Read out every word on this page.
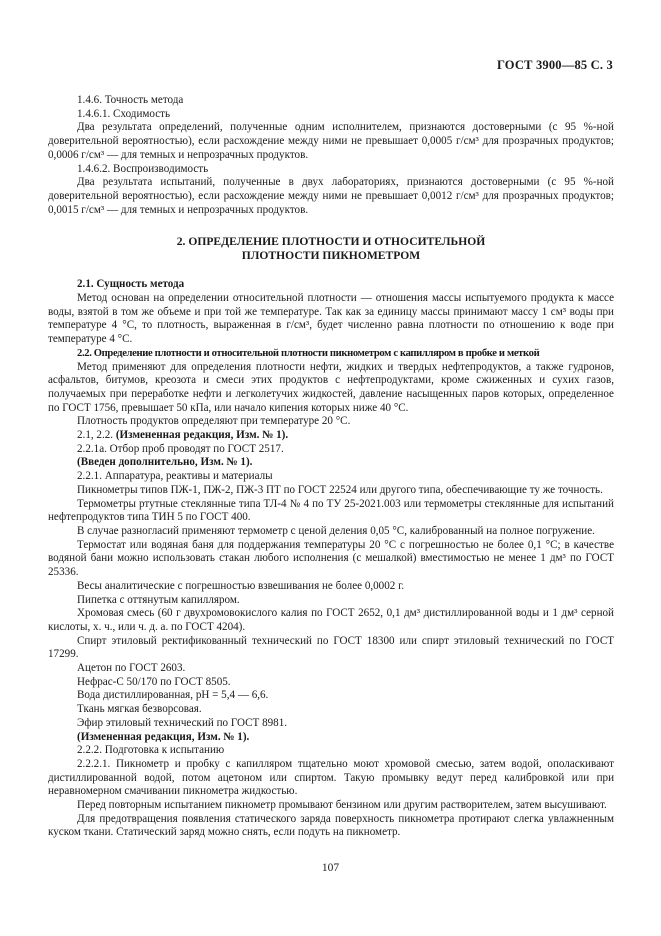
ГОСТ 3900—85 С. 3

1.4.6. Точность метода

1.4.6.1. Сходимость

Два результата определений, полученные одним исполнителем, признаются достоверными (с 95 %-ной доверительной вероятностью), если расхождение между ними не превышает 0,0005 г/см³ для прозрачных продуктов; 0,0006 г/см³ — для темных и непрозрачных продуктов.

1.4.6.2. Воспроизводимость

Два результата испытаний, полученные в двух лабораториях, признаются достоверными (с 95 %-ной доверительной вероятностью), если расхождение между ними не превышает 0,0012 г/см³ для прозрачных продуктов; 0,0015 г/см³ — для темных и непрозрачных продуктов.

2. ОПРЕДЕЛЕНИЕ ПЛОТНОСТИ И ОТНОСИТЕЛЬНОЙ

ПЛОТНОСТИ ПИКНОМЕТРОМ

2.1. Сущность метода

Метод основан на определении относительной плотности — отношения массы испытуемого продукта к массе воды, взятой в том же объеме и при той же температуре. Так как за единицу массы принимают массу 1 см³ воды при температуре 4 °С, то плотность, выраженная в г/см³, будет численно равна плотности по отношению к воде при температуре 4 °С.

2.2. Определение плотности и относительной плотности пикнометром с капилляром в пробке и меткой

Метод применяют для определения плотности нефти, жидких и твердых нефтепродуктов, а также гудронов, асфальтов, битумов, креозота и смеси этих продуктов с нефтепродуктами, кроме сжиженных и сухих газов, получаемых при переработке нефти и легколетучих жидкостей, давление насыщенных паров которых, определенное по ГОСТ 1756, превышает 50 кПа, или начало кипения которых ниже 40 °С.

Плотность продуктов определяют при температуре 20 °С.

2.1, 2.2. (Измененная редакция, Изм. № 1).

2.2.1а. Отбор проб проводят по ГОСТ 2517.

(Введен дополнительно, Изм. № 1).

2.2.1. Аппаратура, реактивы и материалы

Пикнометры типов ПЖ-1, ПЖ-2, ПЖ-3 ПТ по ГОСТ 22524 или другого типа, обеспечивающие ту же точность.

Термометры ртутные стеклянные типа ТЛ-4 № 4 по ТУ 25-2021.003 или термометры стеклянные для испытаний нефтепродуктов типа ТИН 5 по ГОСТ 400.

В случае разногласий применяют термометр с ценой деления 0,05 °С, калиброванный на полное погружение.

Термостат или водяная баня для поддержания температуры 20 °С с погрешностью не более 0,1 °С; в качестве водяной бани можно использовать стакан любого исполнения (с мешалкой) вместимостью не менее 1 дм³ по ГОСТ 25336.

Весы аналитические с погрешностью взвешивания не более 0,0002 г.

Пипетка с оттянутым капилляром.

Хромовая смесь (60 г двухромовокислого калия по ГОСТ 2652, 0,1 дм³ дистиллированной воды и 1 дм³ серной кислоты, х. ч., или ч. д. а. по ГОСТ 4204).

Спирт этиловый ректификованный технический по ГОСТ 18300 или спирт этиловый технический по ГОСТ 17299.

Ацетон по ГОСТ 2603.

Нефрас-С 50/170 по ГОСТ 8505.

Вода дистиллированная, pH = 5,4 — 6,6.

Ткань мягкая безворсовая.

Эфир этиловый технический по ГОСТ 8981.

(Измененная редакция, Изм. № 1).

2.2.2. Подготовка к испытанию

2.2.2.1. Пикнометр и пробку с капилляром тщательно моют хромовой смесью, затем водой, ополаскивают дистиллированной водой, потом ацетоном или спиртом. Такую промывку ведут перед калибровкой или при неравномерном смачивании пикнометра жидкостью.

Перед повторным испытанием пикнометр промывают бензином или другим растворителем, затем высушивают.

Для предотвращения появления статического заряда поверхность пикнометра протирают слегка увлажненным куском ткани. Статический заряд можно снять, если подуть на пикнометр.

107
